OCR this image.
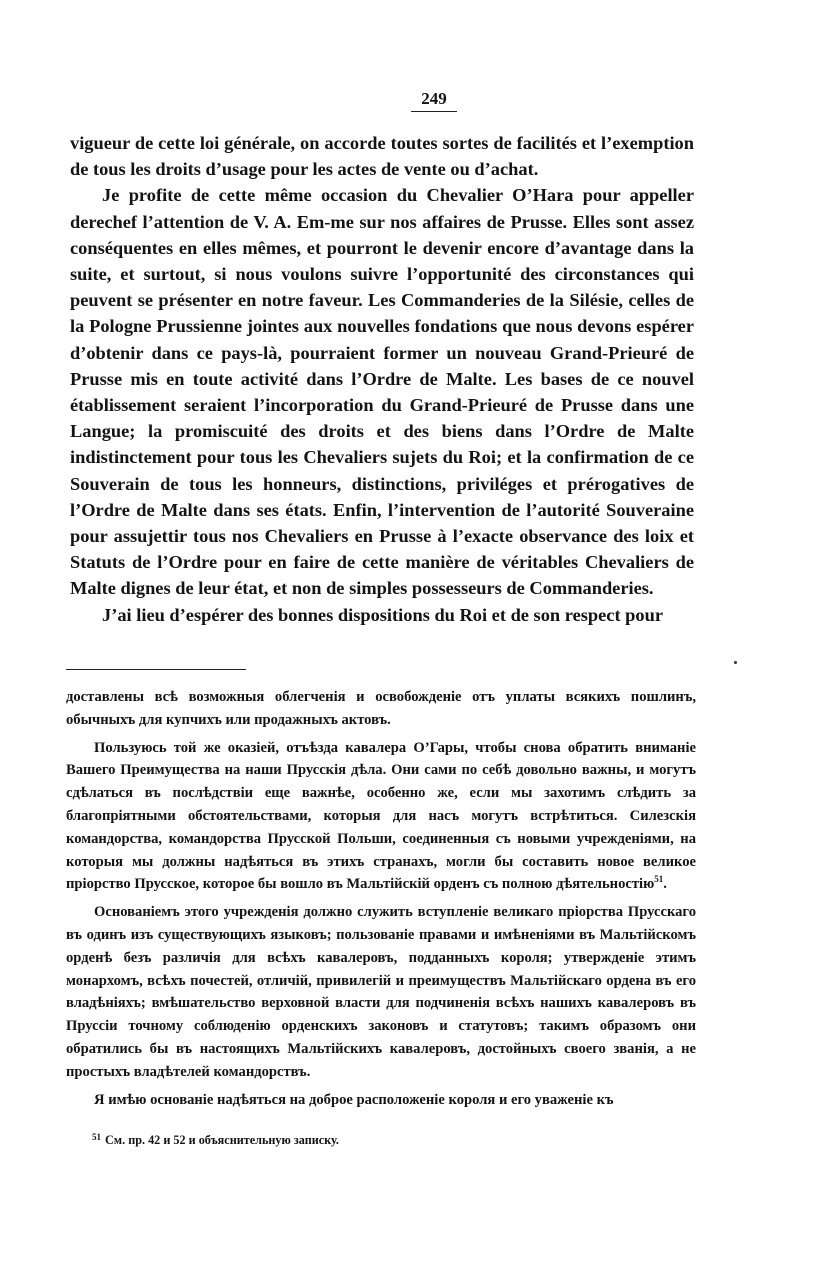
249

vigueur de cette loi générale, on accorde toutes sortes de facilités et l’exemption de tous les droits d’usage pour les actes de vente ou d’achat.

Je profite de cette même occasion du Chevalier O’Hara pour appeller derechef l’attention de V. A. Em-me sur nos affaires de Prusse. Elles sont assez conséquentes en elles mêmes, et pourront le devenir encore d’avantage dans la suite, et surtout, si nous voulons suivre l’opportunité des circonstances qui peuvent se présenter en notre faveur. Les Commanderies de la Silésie, celles de la Pologne Prussienne jointes aux nouvelles fondations que nous devons espérer d’obtenir dans ce pays-là, pourraient former un nouveau Grand-Prieuré de Prusse mis en toute activité dans l’Ordre de Malte. Les bases de ce nouvel établissement seraient l’incorporation du Grand-Prieuré de Prusse dans une Langue; la promiscuité des droits et des biens dans l’Ordre de Malte indistinctement pour tous les Chevaliers sujets du Roi; et la confirmation de ce Souverain de tous les honneurs, distinctions, priviléges et prérogatives de l’Ordre de Malte dans ses états. Enfin, l’intervention de l’autorité Souveraine pour assujettir tous nos Chevaliers en Prusse à l’exacte observance des loix et Statuts de l’Ordre pour en faire de cette manière de véritables Chevaliers de Malte dignes de leur état, et non de simples possesseurs de Commanderies.

J’ai lieu d’espérer des bonnes dispositions du Roi et de son respect pour

доставлены всѣ возможныя облегченія и освобожденіе отъ уплаты всякихъ пошлинъ, обычныхъ для купчихъ или продажныхъ актовъ.

Пользуюсь той же оказіей, отъѣзда кавалера О’Гары, чтобы снова обратить вниманіе Вашего Преимущества на наши Прусскія дѣла. Они сами по себѣ довольно важны, и могутъ сдѣлаться въ послѣдствіи еще важнѣе, особенно же, если мы захотимъ слѣдить за благопріятными обстоятельствами, которыя для насъ могутъ встрѣтиться. Силезскія командорства, командорства Прусской Польши, соединенныя съ новыми учрежденіями, на которыя мы должны надѣяться въ этихъ странахъ, могли бы составить новое великое пріорство Прусское, которое бы вошло въ Мальтійскій орденъ съ полною дѣятельностію$^{51}$.

Основаніемъ этого учрежденія должно служить вступленіе великаго пріорства Прусскаго въ одинъ изъ существующихъ языковъ; пользованіе правами и имѣненіями въ Мальтійскомъ орденѣ безъ различія для всѣхъ кавалеровъ, подданныхъ короля; утвержденіе этимъ монархомъ, всѣхъ почестей, отличій, привилегій и преимуществъ Мальтійскаго ордена въ его владѣніяхъ; вмѣшательство верховной власти для подчиненія всѣхъ нашихъ кавалеровъ въ Пруссіи точному соблюденію орденскихъ законовъ и статутовъ; такимъ образомъ они обратились бы въ настоящихъ Мальтійскихъ кавалеровъ, достойныхъ своего званія, а не простыхъ владѣтелей командорствъ.

Я имѣю основаніе надѣяться на доброе расположеніе короля и его уваженіе къ

$^{51}$ См. пр. 42 и 52 и объяснительную записку.
